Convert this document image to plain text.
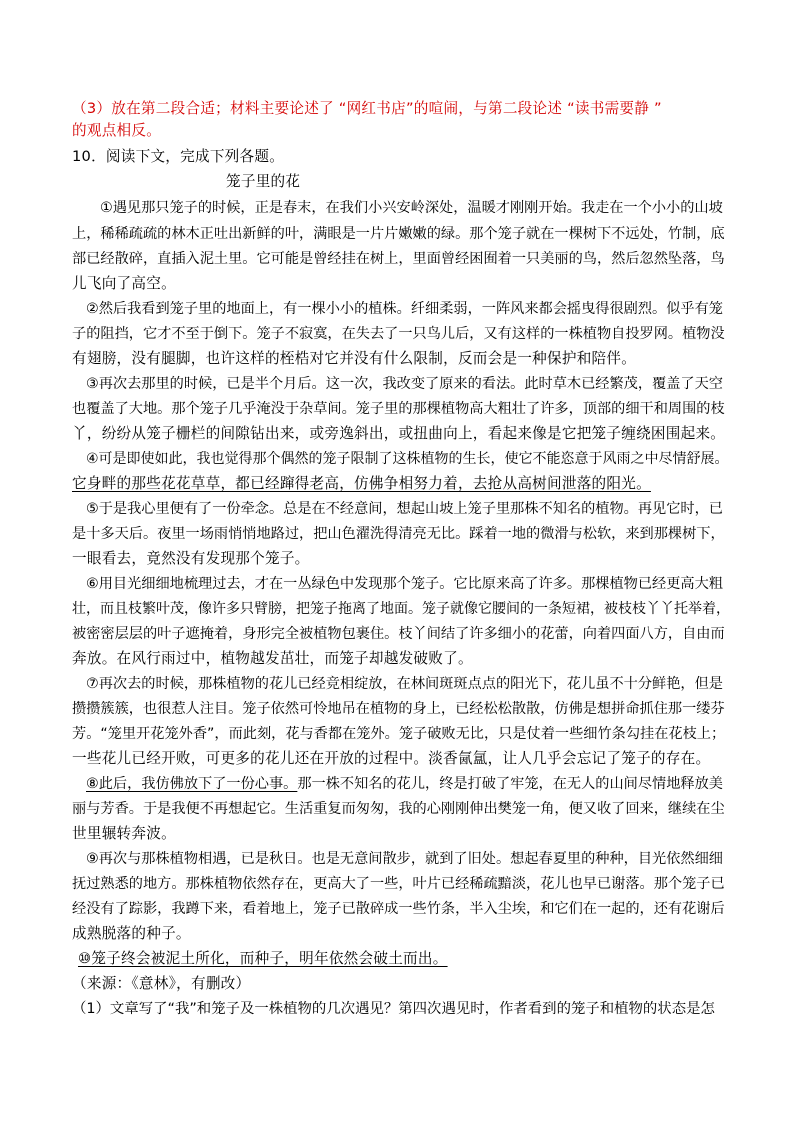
（3）放在第二段合适；材料主要论述了 “网红书店”的喧闹，与第二段论述 “读书需要静 ”
的观点相反。
10．阅读下文，完成下列各题。
笼子里的花
①遇见那只笼子的时候，正是春末，在我们小兴安岭深处，温暖才刚刚开始。我走在一个小小的山坡
上，稀稀疏疏的林木正吐出新鲜的叶，满眼是一片片嫩嫩的绿。那个笼子就在一棵树下不远处，竹制，底
部已经散碎，直插入泥土里。它可能是曾经挂在树上，里面曾经困囿着一只美丽的鸟，然后忽然坠落，鸟
儿飞向了高空。
②然后我看到笼子里的地面上，有一棵小小的植株。纤细柔弱，一阵风来都会摇曳得很剧烈。似乎有笼
子的阻挡，它才不至于倒下。笼子不寂寞，在失去了一只鸟儿后，又有这样的一株植物自投罗网。植物没
有翅膀，没有腿脚，也许这样的桎梏对它并没有什么限制，反而会是一种保护和陪伴。
③再次去那里的时候，已是半个月后。这一次，我改变了原来的看法。此时草木已经繁茂，覆盖了天空
也覆盖了大地。那个笼子几乎淹没于杂草间。笼子里的那棵植物高大粗壮了许多，顶部的细干和周围的枝
丫，纷纷从笼子栅栏的间隙钻出来，或旁逸斜出，或扭曲向上，看起来像是它把笼子缠绕困围起来。
④可是即使如此，我也觉得那个偶然的笼子限制了这株植物的生长，使它不能恣意于风雨之中尽情舒展。
它身畔的那些花花草草，都已经蹿得老高，仿佛争相努力着，去抢从高树间泄落的阳光。
⑤于是我心里便有了一份牵念。总是在不经意间，想起山坡上笼子里那株不知名的植物。再见它时，已
是十多天后。夜里一场雨悄悄地路过，把山色濯洗得清亮无比。踩着一地的微滑与松软，来到那棵树下，
一眼看去，竟然没有发现那个笼子。
⑥用目光细细地梳理过去，才在一丛绿色中发现那个笼子。它比原来高了许多。那棵植物已经更高大粗
壮，而且枝繁叶茂，像许多只臂膀，把笼子拖离了地面。笼子就像它腰间的一条短裙，被枝枝丫丫托举着，
被密密层层的叶子遮掩着，身形完全被植物包裹住。枝丫间结了许多细小的花蕾，向着四面八方，自由而
奔放。在风行雨过中，植物越发茁壮，而笼子却越发破败了。
⑦再次去的时候，那株植物的花儿已经竞相绽放，在林间斑斑点点的阳光下，花儿虽不十分鲜艳，但是
攒攒簇簇，也很惹人注目。笼子依然可怜地吊在植物的身上，已经松松散散，仿佛是想拼命抓住那一缕芬
芳。“笼里开花笼外香”，而此刻，花与香都在笼外。笼子破败无比，只是仗着一些细竹条勾挂在花枝上；
一些花儿已经开败，可更多的花儿还在开放的过程中。淡香氤氲，让人几乎会忘记了笼子的存在。
⑧此后，我仿佛放下了一份心事。那一株不知名的花儿，终是打破了牢笼，在无人的山间尽情地释放美
丽与芳香。于是我便不再想起它。生活重复而匆匆，我的心刚刚伸出樊笼一角，便又收了回来，继续在尘
世里辗转奔波。
⑨再次与那株植物相遇，已是秋日。也是无意间散步，就到了旧处。想起春夏里的种种，目光依然细细
抚过熟悉的地方。那株植物依然存在，更高大了一些，叶片已经稀疏黯淡，花儿也早已谢落。那个笼子已
经没有了踪影，我蹲下来，看着地上，笼子已散碎成一些竹条，半入尘埃，和它们在一起的，还有花谢后
成熟脱落的种子。
⑩笼子终会被泥土所化，而种子，明年依然会破土而出。
（来源：《意林》，有删改）
（1）文章写了“我”和笼子及一株植物的几次遇见？第四次遇见时，作者看到的笼子和植物的状态是怎
